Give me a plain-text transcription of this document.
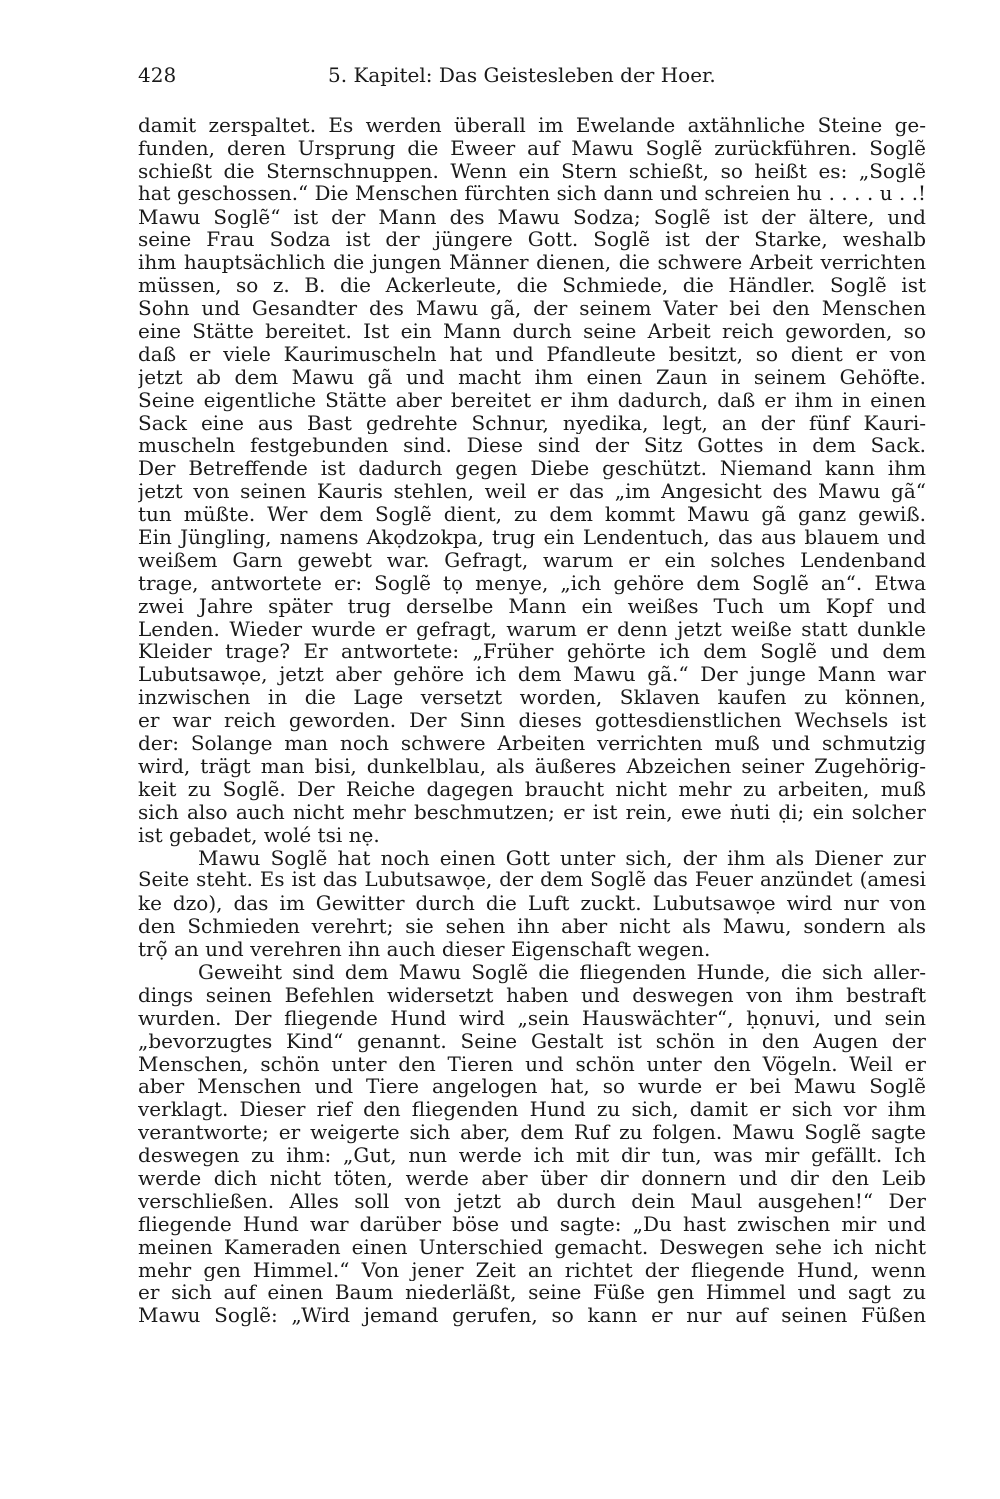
428	5. Kapitel: Das Geistesleben der Hoer.
damit zerspaltet. Es werden überall im Ewelande axtähnliche Steine ge-
funden, deren Ursprung die Eweer auf Mawu Soglẽ zurückführen. Soglẽ
schießt die Sternschnuppen. Wenn ein Stern schießt, so heißt es: „Soglẽ
hat geschossen.“ Die Menschen fürchten sich dann und schreien hu . . . . u . .!
Mawu Soglẽ“ ist der Mann des Mawu Sodza; Soglẽ ist der ältere, und
seine Frau Sodza ist der jüngere Gott. Soglẽ ist der Starke, weshalb
ihm hauptsächlich die jungen Männer dienen, die schwere Arbeit verrichten
müssen, so z. B. die Ackerleute, die Schmiede, die Händler. Soglẽ ist
Sohn und Gesandter des Mawu gã, der seinem Vater bei den Menschen
eine Stätte bereitet. Ist ein Mann durch seine Arbeit reich geworden, so
daß er viele Kaurimuscheln hat und Pfandleute besitzt, so dient er von
jetzt ab dem Mawu gã und macht ihm einen Zaun in seinem Gehöfte.
Seine eigentliche Stätte aber bereitet er ihm dadurch, daß er ihm in einen
Sack eine aus Bast gedrehte Schnur, nyedika, legt, an der fünf Kauri-
muscheln festgebunden sind. Diese sind der Sitz Gottes in dem Sack.
Der Betreffende ist dadurch gegen Diebe geschützt. Niemand kann ihm
jetzt von seinen Kauris stehlen, weil er das „im Angesicht des Mawu gã“
tun müßte. Wer dem Soglẽ dient, zu dem kommt Mawu gã ganz gewiß.
Ein Jüngling, namens Akọdzokpa, trug ein Lendentuch, das aus blauem und
weißem Garn gewebt war. Gefragt, warum er ein solches Lendenband
trage, antwortete er: Soglẽ tọ menye, „ich gehöre dem Soglẽ an“. Etwa
zwei Jahre später trug derselbe Mann ein weißes Tuch um Kopf und
Lenden. Wieder wurde er gefragt, warum er denn jetzt weiße statt dunkle
Kleider trage? Er antwortete: „Früher gehörte ich dem Soglẽ und dem
Lubutsawọe, jetzt aber gehöre ich dem Mawu gã.“ Der junge Mann war
inzwischen in die Lage versetzt worden, Sklaven kaufen zu können,
er war reich geworden. Der Sinn dieses gottesdienstlichen Wechsels ist
der: Solange man noch schwere Arbeiten verrichten muß und schmutzig
wird, trägt man bisi, dunkelblau, als äußeres Abzeichen seiner Zugehörig-
keit zu Soglẽ. Der Reiche dagegen braucht nicht mehr zu arbeiten, muß
sich also auch nicht mehr beschmutzen; er ist rein, ewe ṅuti ḍi; ein solcher
ist gebadet, wolé tsi nẹ.
Mawu Soglẽ hat noch einen Gott unter sich, der ihm als Diener zur
Seite steht. Es ist das Lubutsawọe, der dem Soglẽ das Feuer anzündet (amesi
ke dzo), das im Gewitter durch die Luft zuckt. Lubutsawọe wird nur von
den Schmieden verehrt; sie sehen ihn aber nicht als Mawu, sondern als
trọ̃ an und verehren ihn auch dieser Eigenschaft wegen.
Geweiht sind dem Mawu Soglẽ die fliegenden Hunde, die sich aller-
dings seinen Befehlen widersetzt haben und deswegen von ihm bestraft
wurden. Der fliegende Hund wird „sein Hauswächter“, ḥọnuvi, und sein
„bevorzugtes Kind“ genannt. Seine Gestalt ist schön in den Augen der
Menschen, schön unter den Tieren und schön unter den Vögeln. Weil er
aber Menschen und Tiere angelogen hat, so wurde er bei Mawu Soglẽ
verklagt. Dieser rief den fliegenden Hund zu sich, damit er sich vor ihm
verantworte; er weigerte sich aber, dem Ruf zu folgen. Mawu Soglẽ sagte
deswegen zu ihm: „Gut, nun werde ich mit dir tun, was mir gefällt. Ich
werde dich nicht töten, werde aber über dir donnern und dir den Leib
verschließen. Alles soll von jetzt ab durch dein Maul ausgehen!“ Der
fliegende Hund war darüber böse und sagte: „Du hast zwischen mir und
meinen Kameraden einen Unterschied gemacht. Deswegen sehe ich nicht
mehr gen Himmel.“ Von jener Zeit an richtet der fliegende Hund, wenn
er sich auf einen Baum niederläßt, seine Füße gen Himmel und sagt zu
Mawu Soglẽ: „Wird jemand gerufen, so kann er nur auf seinen Füßen
